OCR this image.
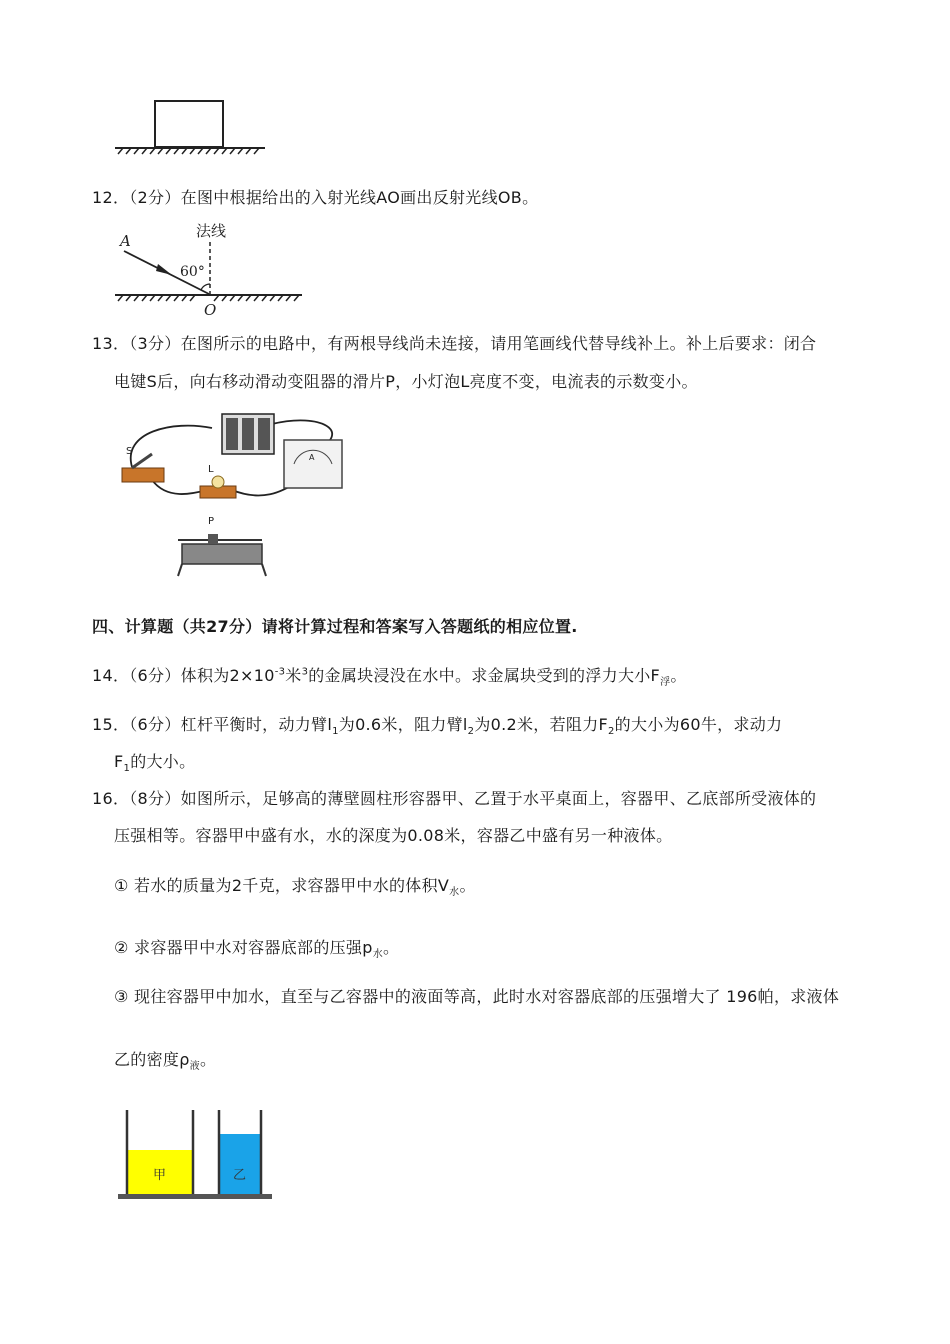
12．（2分）在图中根据给出的入射光线AO画出反射光线OB。
法线
A
60°
O
13．（3分）在图所示的电路中，有两根导线尚未连接，请用笔画线代替导线补上。补上后要求：闭合
电键S后，向右移动滑动变阻器的滑片P，小灯泡L亮度不变，电流表的示数变小。
S
L
A
P
四、计算题（共27分）请将计算过程和答案写入答题纸的相应位置.
14．（6分）体积为$2\times 10^{-3}$米$^3$的金属块浸没在水中。求金属块受到的浮力大小$F_浮$。
15．（6分）杠杆平衡时，动力臂$l_1$为0.6米，阻力臂$l_2$为0.2米，若阻力$F_2$的大小为60牛，求动力
$F_1$的大小。
16．（8分）如图所示，足够高的薄壁圆柱形容器甲、乙置于水平桌面上，容器甲、乙底部所受液体的
压强相等。容器甲中盛有水，水的深度为0.08米，容器乙中盛有另一种液体。
① 若水的质量为2千克，求容器甲中水的体积$V_水$。
② 求容器甲中水对容器底部的压强$p_水$。
③ 现往容器甲中加水，直至与乙容器中的液面等高，此时水对容器底部的压强增大了 196帕，求液体
乙的密度$\rho_液$。
甲	乙
